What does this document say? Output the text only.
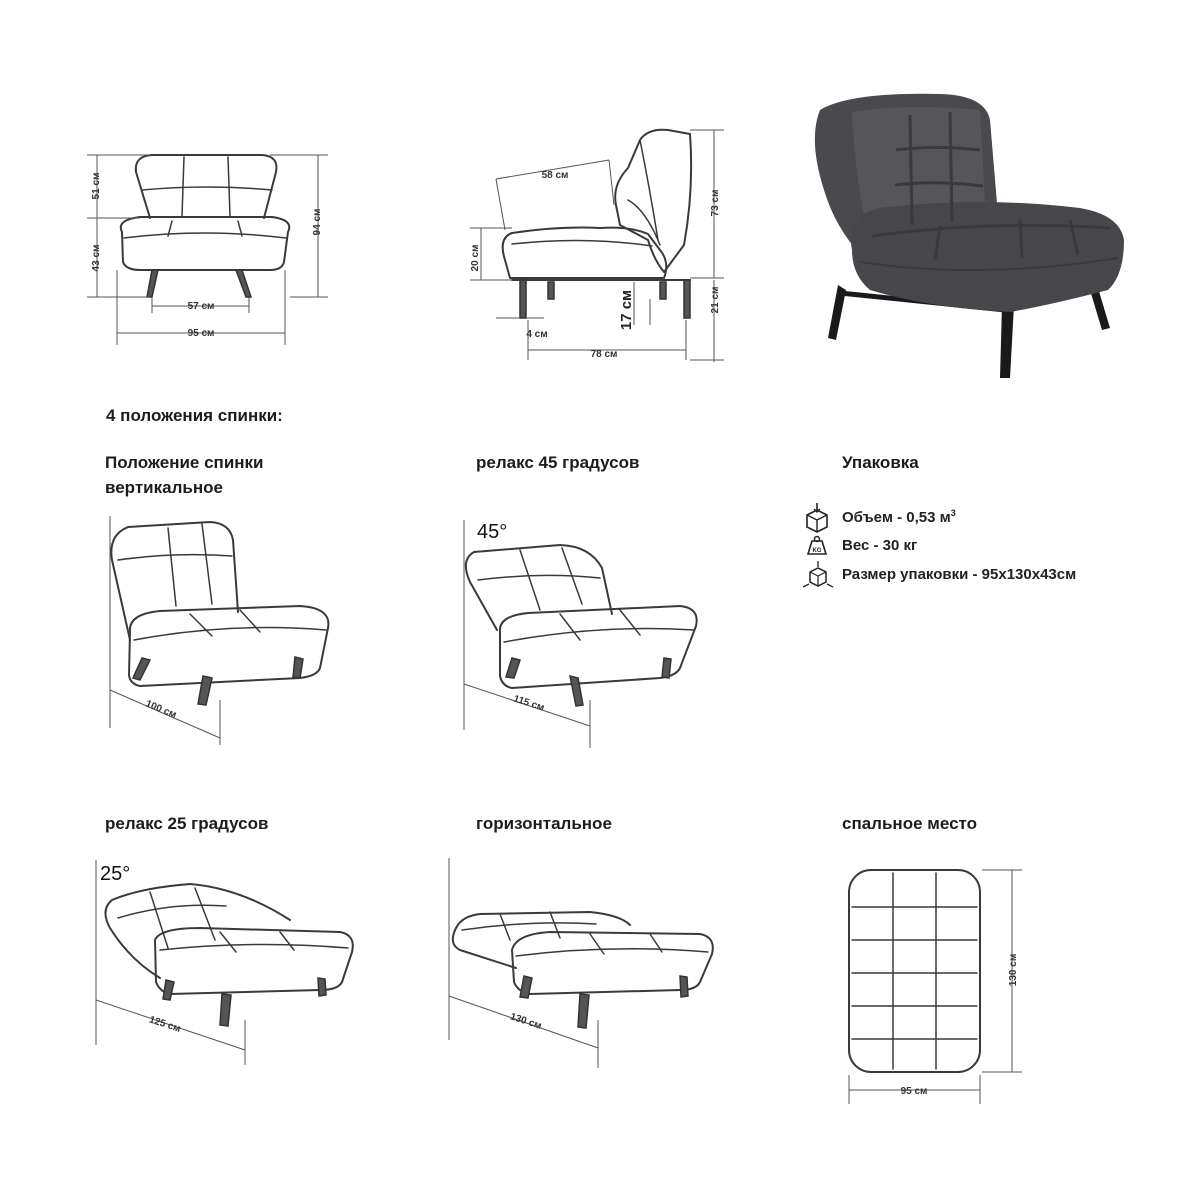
51 см
43 см
94 см
57 см
95 см
58 см
20 см
73 см
17 см	21 см
4 см
78 см
100 см
45°
115 см
25°
125 см	130 см
130 см
95 см
KG
4 положения спинки:
Положение спинки вертикальное
релакс 45 градусов	Упаковка
релакс 25 градусов	горизонтальное	спальное место
Объем - 0,53 $м^3$
Вес - 30 кг
Размер упаковки - 95х130х43см
